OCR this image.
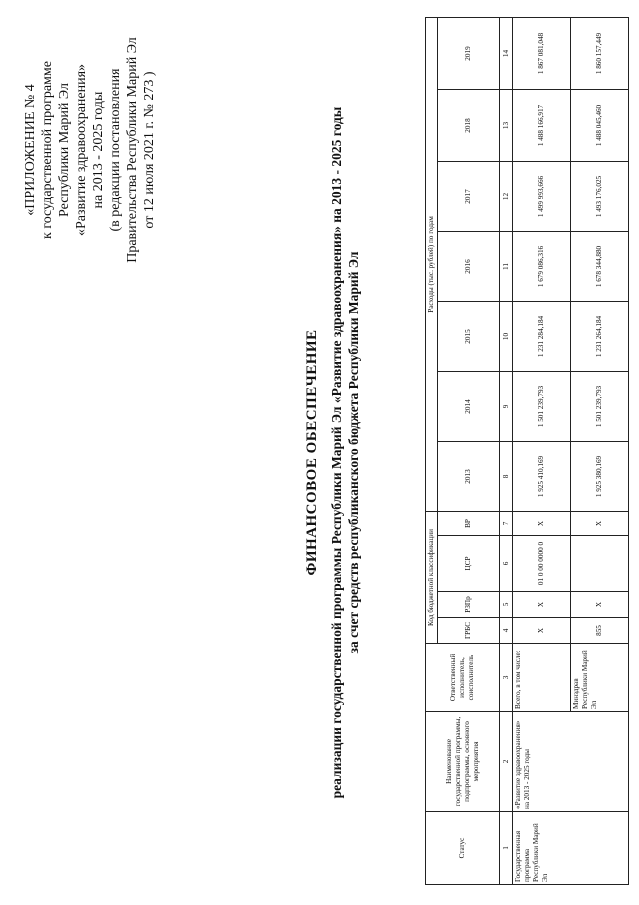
«ПРИЛОЖЕНИЕ № 4 к государственной программе Республики Марий Эл «Развитие здравоохранения» на 2013 - 2025 годы (в редакции постановления Правительства Республики Марий Эл от 12 июля 2021 г. № 273 )
ФИНАНСОВОЕ ОБЕСПЕЧЕНИЕ реализации государственной программы Республики Марий Эл «Развитие здравоохранения» на 2013 - 2025 годы за счет средств республиканского бюджета Республики Марий Эл
Статус	Наименование государственной программы, подпрограммы, основного мероприятия	Ответственный исполнитель, соисполнитель	Код бюджетной классификации				Расходы (тыс. рублей) по годам						
			ГРБС	РЗПр	ЦСР	ВР	2013	2014	2015	2016	2017	2018	2019
1	2	3	4	5	6	7	8	9	10	11	12	13	14
Государственная программа Республики Марий Эл	«Развитие здравоохранения» на 2013 - 2025 годы	Всего, в том числе:	X	X	01 0 00 0000 0	X	1 925 410,169	1 501 239,793	1 231 284,184	1 679 086,316	1 499 993,666	1 488 166,917	1 867 081,048
		Минздрав Республики Марий Эл	855	X		X	1 925 380,169	1 501 239,793	1 231 264,184	1 678 344,880	1 493 176,025	1 488 045,460	1 860 157,449
